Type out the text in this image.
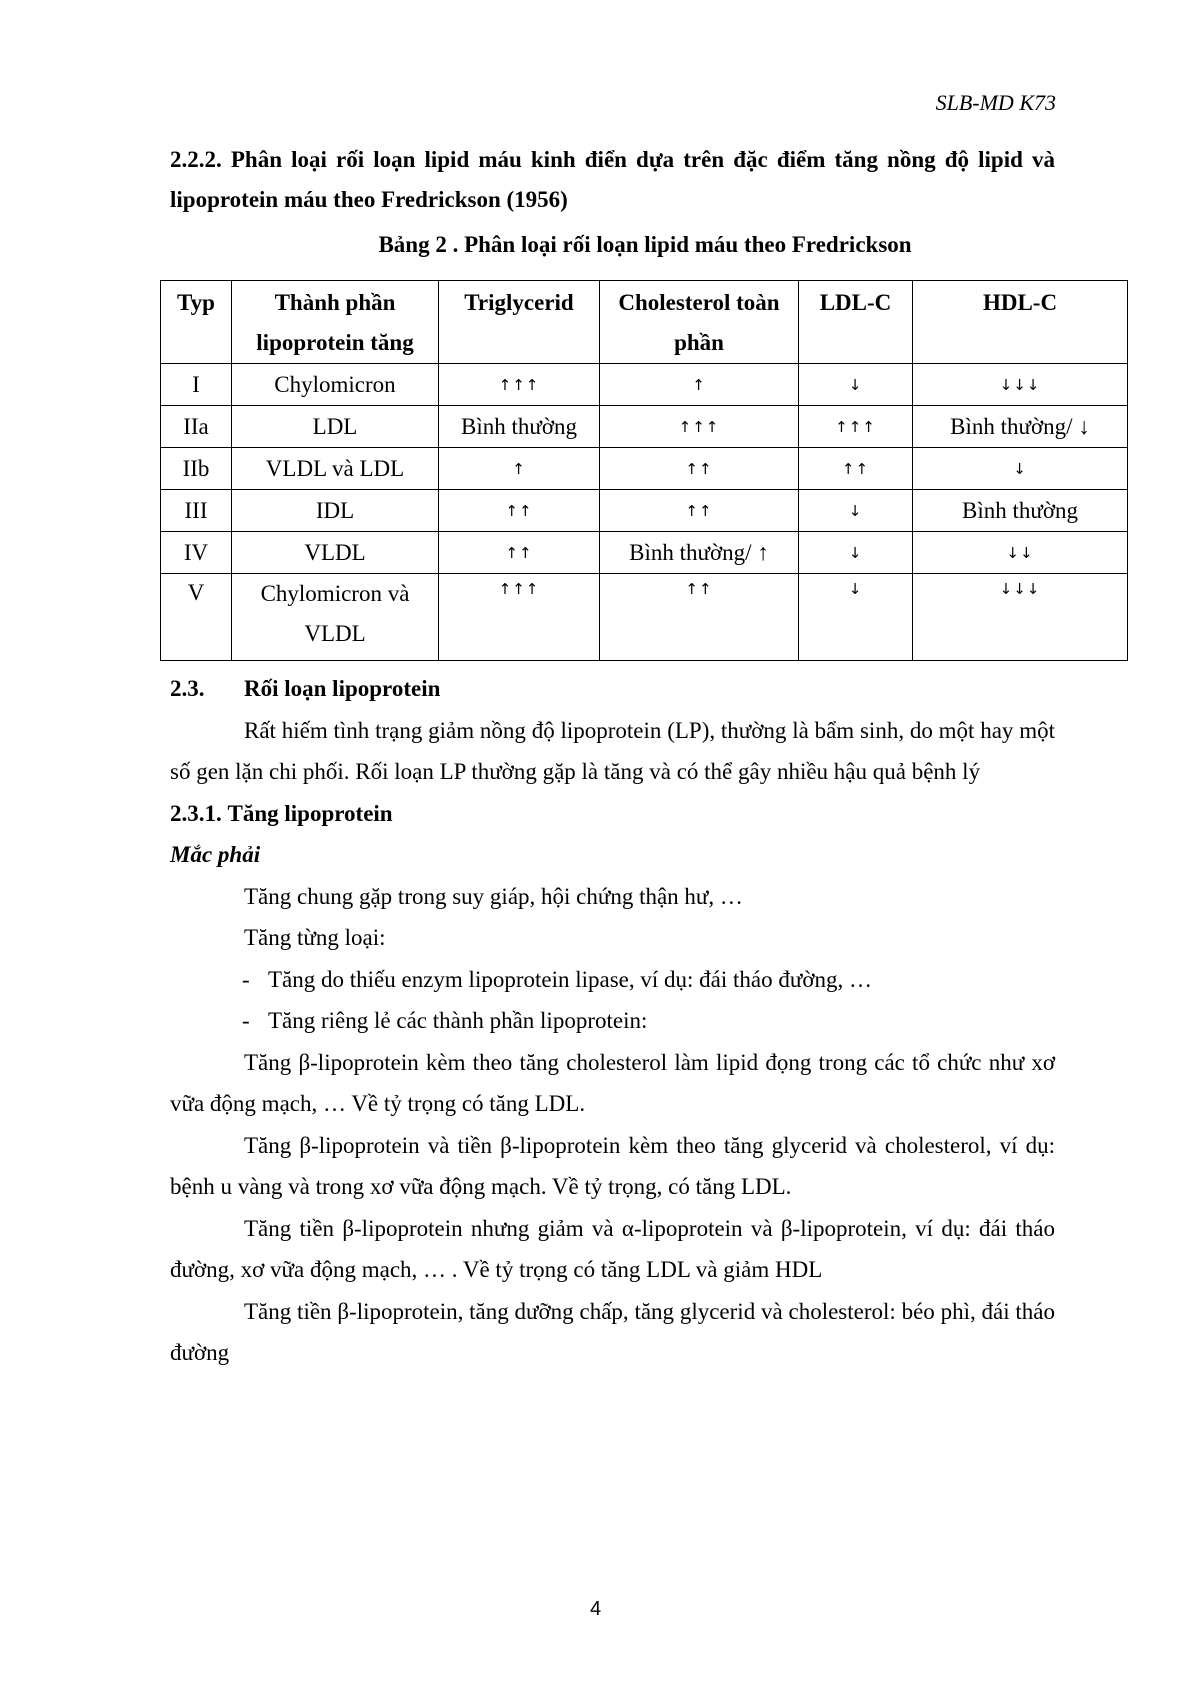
SLB-MD K73

2.2.2. Phân loại rối loạn lipid máu kinh điển dựa trên đặc điểm tăng nồng độ lipid và lipoprotein máu theo Fredrickson (1956)

Bảng 2 . Phân loại rối loạn lipid máu theo Fredrickson
Typ	Thành phần lipoprotein tăng	Triglycerid	Cholesterol toàn phần	LDL-C	HDL-C
I	Chylomicron	↑↑↑	↑	↓	↓↓↓
IIa	LDL	Bình thường	↑↑↑	↑↑↑	Bình thường/ ↓
IIb	VLDL và LDL	↑	↑↑	↑↑	↓
III	IDL	↑↑	↑↑	↓	Bình thường
IV	VLDL	↑↑	Bình thường/ ↑	↓	↓↓
V	Chylomicron và VLDL	↑↑↑	↑↑	↓	↓↓↓

2.3. Rối loạn lipoprotein

Rất hiếm tình trạng giảm nồng độ lipoprotein (LP), thường là bẩm sinh, do một hay một số gen lặn chi phối. Rối loạn LP thường gặp là tăng và có thể gây nhiều hậu quả bệnh lý

2.3.1. Tăng lipoprotein

Mắc phải

Tăng chung gặp trong suy giáp, hội chứng thận hư, …

Tăng từng loại:

- Tăng do thiếu enzym lipoprotein lipase, ví dụ: đái tháo đường, …

- Tăng riêng lẻ các thành phần lipoprotein:

Tăng β-lipoprotein kèm theo tăng cholesterol làm lipid đọng trong các tổ chức như xơ vữa động mạch, … Về tỷ trọng có tăng LDL.

Tăng β-lipoprotein và tiền β-lipoprotein kèm theo tăng glycerid và cholesterol, ví dụ: bệnh u vàng và trong xơ vữa động mạch. Về tỷ trọng, có tăng LDL.

Tăng tiền β-lipoprotein nhưng giảm và α-lipoprotein và β-lipoprotein, ví dụ: đái tháo đường, xơ vữa động mạch, … . Về tỷ trọng có tăng LDL và giảm HDL

Tăng tiền β-lipoprotein, tăng dưỡng chấp, tăng glycerid và cholesterol: béo phì, đái tháo đường

4
